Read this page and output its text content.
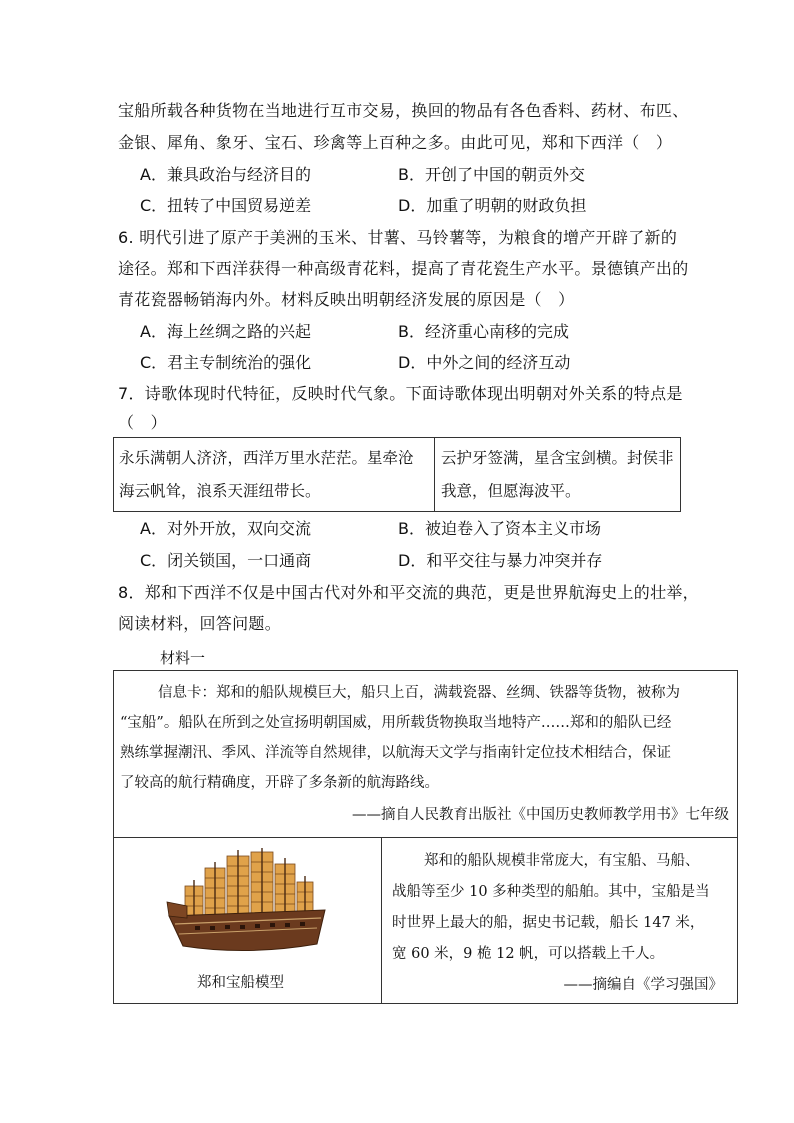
宝船所载各种货物在当地进行互市交易，换回的物品有各色香料、药材、布匹、
金银、犀角、象牙、宝石、珍禽等上百种之多。由此可见，郑和下西洋（　）
A．兼具政治与经济目的	B．开创了中国的朝贡外交
C．扭转了中国贸易逆差	D．加重了明朝的财政负担
6. 明代引进了原产于美洲的玉米、甘薯、马铃薯等，为粮食的增产开辟了新的
途径。郑和下西洋获得一种高级青花料，提高了青花瓷生产水平。景德镇产出的
青花瓷器畅销海内外。材料反映出明朝经济发展的原因是（　）
A．海上丝绸之路的兴起	B．经济重心南移的完成
C．君主专制统治的强化	D．中外之间的经济互动
7．诗歌体现时代特征，反映时代气象。下面诗歌体现出明朝对外关系的特点是
（　）
永乐满朝人济济，西洋万里水茫茫。星牵沧
海云帆耸，浪系天涯纽带长。
云护牙签满，星含宝剑横。封侯非
我意，但愿海波平。
A．对外开放，双向交流	B．被迫卷入了资本主义市场
C．闭关锁国，一口通商	D．和平交往与暴力冲突并存
8．郑和下西洋不仅是中国古代对外和平交流的典范，更是世界航海史上的壮举，
阅读材料，回答问题。
材料一
信息卡：郑和的船队规模巨大，船只上百，满载瓷器、丝绸、铁器等货物，被称为
“宝船”。船队在所到之处宣扬明朝国威，用所载货物换取当地特产……郑和的船队已经
熟练掌握潮汛、季风、洋流等自然规律，以航海天文学与指南针定位技术相结合，保证
了较高的航行精确度，开辟了多条新的航海路线。
——摘自人民教育出版社《中国历史教师教学用书》七年级
郑和的船队规模非常庞大，有宝船、马船、
战船等至少 10 多种类型的船舶。其中，宝船是当
时世界上最大的船，据史书记载，船长 147 米，
宽 60 米，9 桅 12 帆，可以搭载上千人。
——摘编自《学习强国》
郑和宝船模型
